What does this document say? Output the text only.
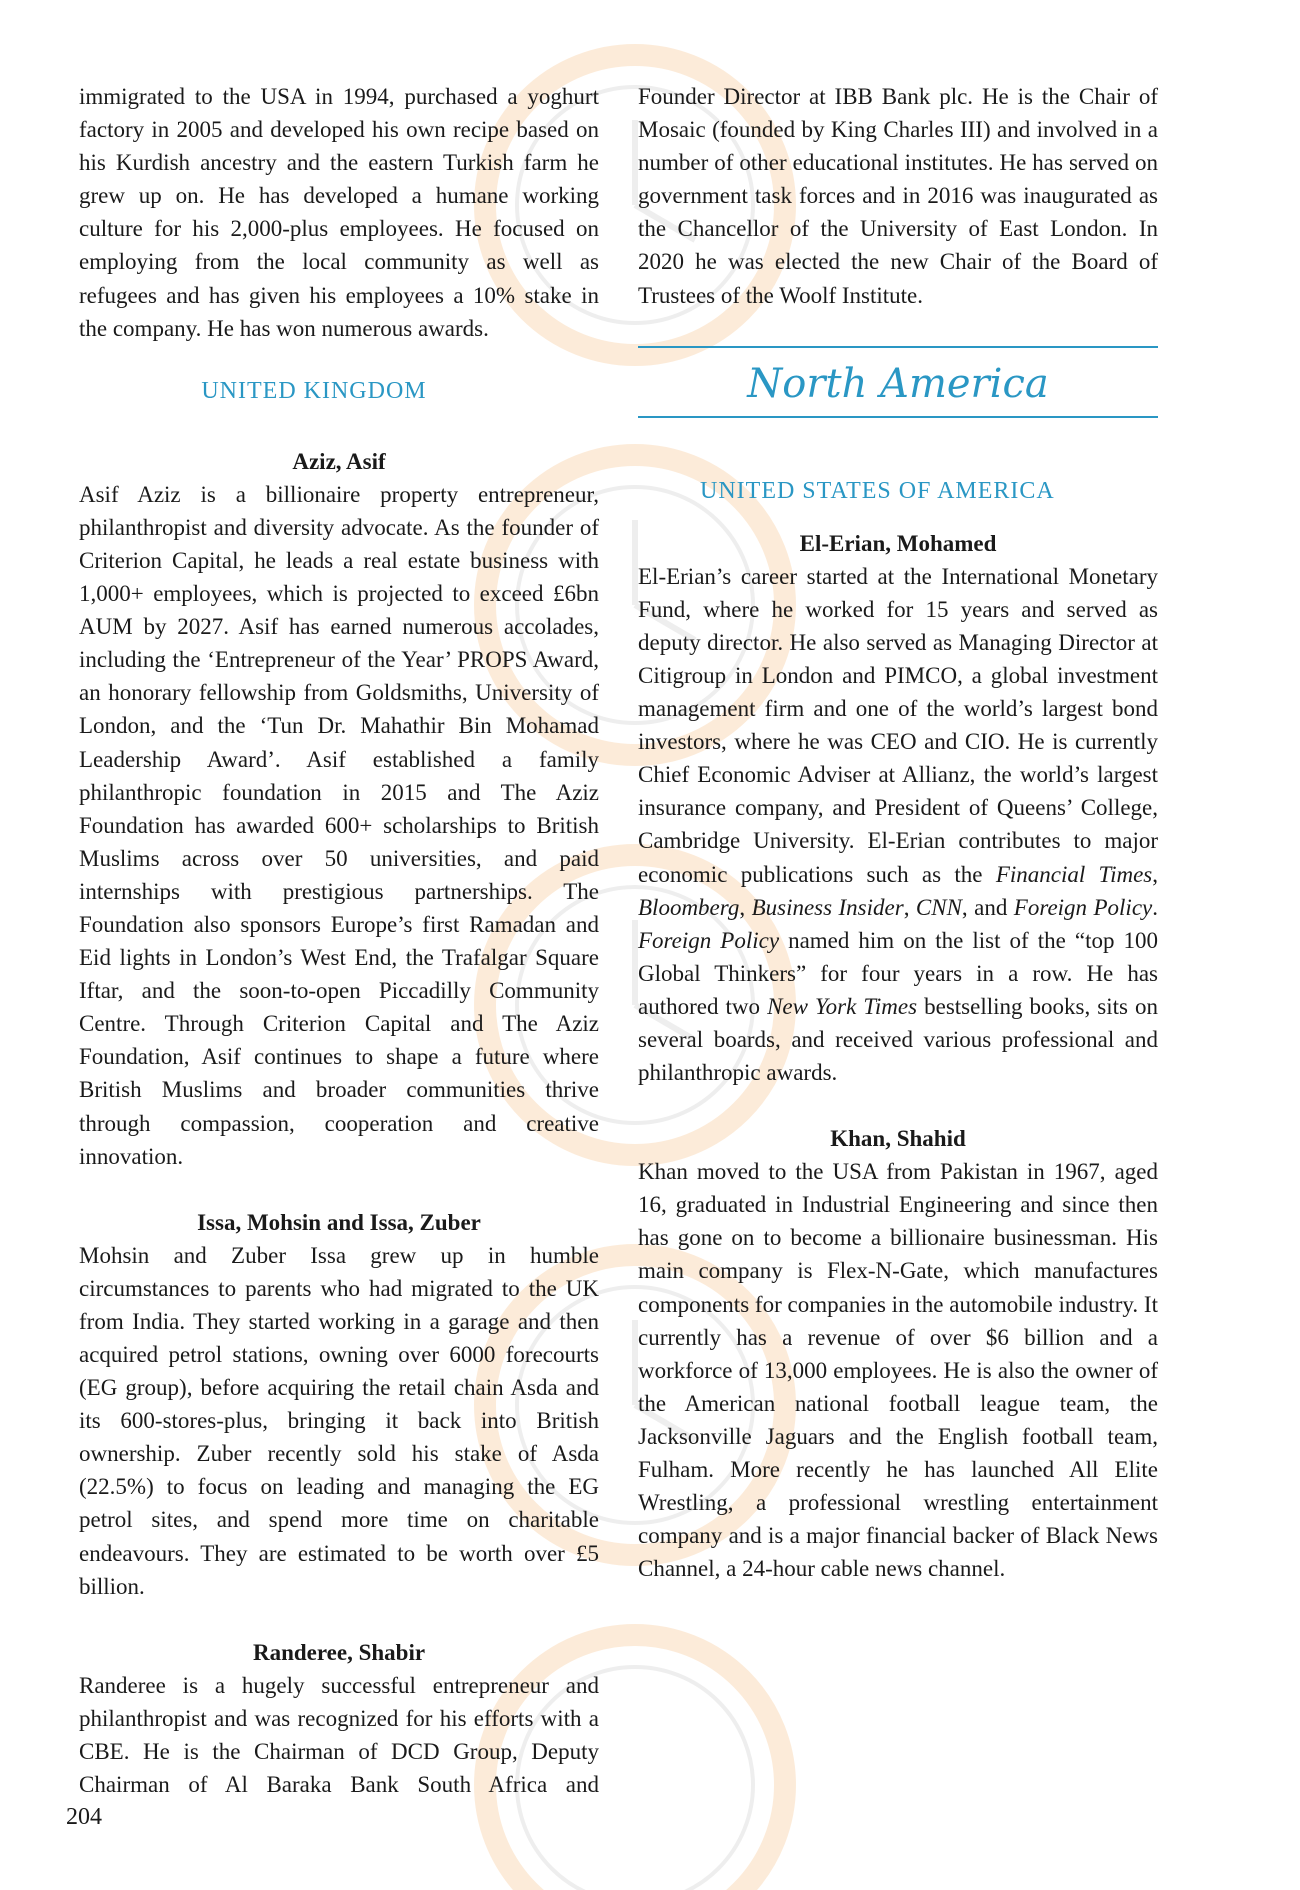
immigrated to the USA in 1994, purchased a yoghurt factory in 2005 and developed his own recipe based on his Kurdish ancestry and the eastern Turkish farm he grew up on. He has developed a humane working culture for his 2,000-plus employees. He focused on employing from the local community as well as refugees and has given his employees a 10% stake in the company. He has won numerous awards.

UNITED KINGDOM

Aziz, Asif

Asif Aziz is a billionaire property entrepreneur, philanthropist and diversity advocate. As the founder of Criterion Capital, he leads a real estate business with 1,000+ employees, which is projected to exceed £6bn AUM by 2027. Asif has earned numerous accolades, including the ‘Entrepreneur of the Year’ PROPS Award, an honorary fellowship from Goldsmiths, University of London, and the ‘Tun Dr. Mahathir Bin Mohamad Leadership Award’. Asif established a family philanthropic foundation in 2015 and The Aziz Foundation has awarded 600+ scholarships to British Muslims across over 50 universities, and paid internships with prestigious partnerships. The Foundation also sponsors Europe’s first Ramadan and Eid lights in London’s West End, the Trafalgar Square Iftar, and the soon-to-open Piccadilly Community Centre. Through Criterion Capital and The Aziz Foundation, Asif continues to shape a future where British Muslims and broader communities thrive through compassion, cooperation and creative innovation.

Issa, Mohsin and Issa, Zuber

Mohsin and Zuber Issa grew up in humble circumstances to parents who had migrated to the UK from India. They started working in a garage and then acquired petrol stations, owning over 6000 forecourts (EG group), before acquiring the retail chain Asda and its 600-stores-plus, bringing it back into British ownership. Zuber recently sold his stake of Asda (22.5%) to focus on leading and managing the EG petrol sites, and spend more time on charitable endeavours. They are estimated to be worth over £5 billion.

Randeree, Shabir

Randeree is a hugely successful entrepreneur and philanthropist and was recognized for his efforts with a CBE. He is the Chairman of DCD Group, Deputy Chairman of Al Baraka Bank South Africa and

Founder Director at IBB Bank plc. He is the Chair of Mosaic (founded by King Charles III) and involved in a number of other educational institutes. He has served on government task forces and in 2016 was inaugurated as the Chancellor of the University of East London. In 2020 he was elected the new Chair of the Board of Trustees of the Woolf Institute.

North America

UNITED STATES OF AMERICA

El-Erian, Mohamed

El-Erian’s career started at the International Monetary Fund, where he worked for 15 years and served as deputy director. He also served as Managing Director at Citigroup in London and PIMCO, a global investment management firm and one of the world’s largest bond investors, where he was CEO and CIO. He is currently Chief Economic Adviser at Allianz, the world’s largest insurance company, and President of Queens’ College, Cambridge University. El-Erian contributes to major economic publications such as the Financial Times, Bloomberg, Business Insider, CNN, and Foreign Policy. Foreign Policy named him on the list of the “top 100 Global Thinkers” for four years in a row. He has authored two New York Times bestselling books, sits on several boards, and received various professional and philanthropic awards.

Khan, Shahid

Khan moved to the USA from Pakistan in 1967, aged 16, graduated in Industrial Engineering and since then has gone on to become a billionaire businessman. His main company is Flex-N-Gate, which manufactures components for companies in the automobile industry. It currently has a revenue of over $6 billion and a workforce of 13,000 employees. He is also the owner of the American national football league team, the Jacksonville Jaguars and the English football team, Fulham. More recently he has launched All Elite Wrestling, a professional wrestling entertainment company and is a major financial backer of Black News Channel, a 24-hour cable news channel.

204
